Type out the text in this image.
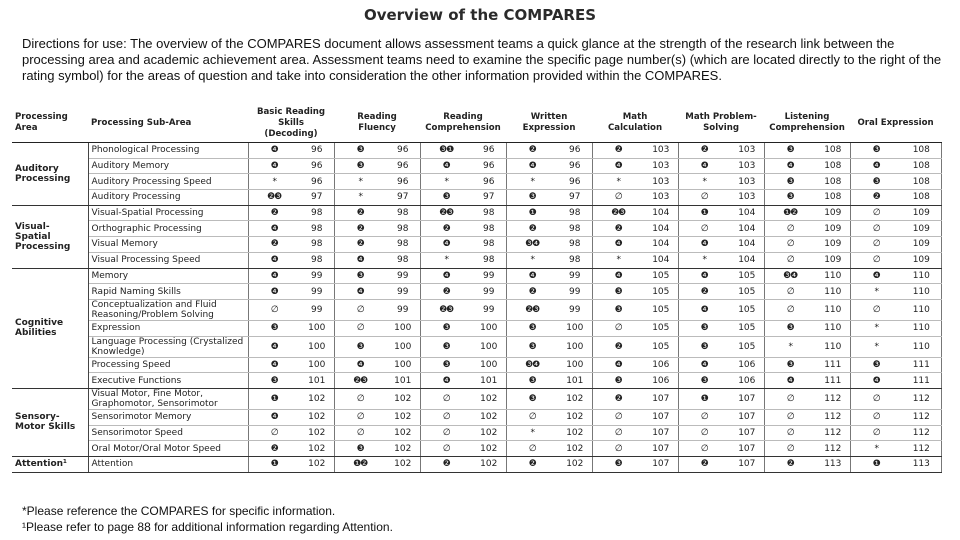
Overview of the COMPARES
Directions for use: The overview of the COMPARES document allows assessment teams a quick glance at the strength of the research link between the processing area and academic achievement area. Assessment teams need to examine the specific page number(s) (which are located directly to the right of the rating symbol) for the areas of question and take into consideration the other information provided within the COMPARES.
Processing Area	Processing Sub-Area	Basic Reading Skills (Decoding)		Reading Fluency		Reading Comprehension		Written Expression		Math Calculation		Math Problem-Solving		Listening Comprehension		Oral Expression	
Auditory Processing	Phonological Processing	❹	96	❸	96	❸❶	96	❷	96	❷	103	❷	103	❸	108	❸	108
	Auditory Memory	❹	96	❸	96	❹	96	❹	96	❹	103	❹	103	❹	108	❹	108
	Auditory Processing Speed	*	96	*	96	*	96	*	96	*	103	*	103	❸	108	❸	108
	Auditory Processing	❷❸	97	*	97	❸	97	❸	97	∅	103	∅	103	❸	108	❷	108
Visual-Spatial Processing	Visual-Spatial Processing	❷	98	❷	98	❷❸	98	❶	98	❷❸	104	❶	104	❶❷	109	∅	109
	Orthographic Processing	❹	98	❷	98	❷	98	❷	98	❷	104	∅	104	∅	109	∅	109
	Visual Memory	❷	98	❷	98	❹	98	❸❹	98	❹	104	❹	104	∅	109	∅	109
	Visual Processing Speed	❹	98	❹	98	*	98	*	98	*	104	*	104	∅	109	∅	109
Cognitive Abilities	Memory	❹	99	❸	99	❹	99	❹	99	❹	105	❹	105	❸❹	110	❹	110
	Rapid Naming Skills	❹	99	❹	99	❷	99	❷	99	❸	105	❷	105	∅	110	*	110
	Conceptualization and Fluid Reasoning/Problem Solving	∅	99	∅	99	❷❸	99	❷❸	99	❸	105	❹	105	∅	110	∅	110
	Expression	❸	100	∅	100	❸	100	❸	100	∅	105	❸	105	❸	110	*	110
	Language Processing (Crystalized Knowledge)	❹	100	❸	100	❸	100	❸	100	❷	105	❸	105	*	110	*	110
	Processing Speed	❹	100	❹	100	❸	100	❸❹	100	❹	106	❹	106	❸	111	❸	111
	Executive Functions	❸	101	❷❸	101	❹	101	❸	101	❸	106	❸	106	❹	111	❹	111
Sensory-Motor Skills	Visual Motor, Fine Motor, Graphomotor, Sensorimotor	❶	102	∅	102	∅	102	❸	102	❷	107	❶	107	∅	112	∅	112
	Sensorimotor Memory	❹	102	∅	102	∅	102	∅	102	∅	107	∅	107	∅	112	∅	112
	Sensorimotor Speed	∅	102	∅	102	∅	102	*	102	∅	107	∅	107	∅	112	∅	112
	Oral Motor/Oral Motor Speed	❷	102	❸	102	∅	102	∅	102	∅	107	∅	107	∅	112	*	112
Attention¹	Attention	❶	102	❶❷	102	❷	102	❷	102	❸	107	❷	107	❷	113	❶	113
*Please reference the COMPARES for specific information.
¹Please refer to page 88 for additional information regarding Attention.
